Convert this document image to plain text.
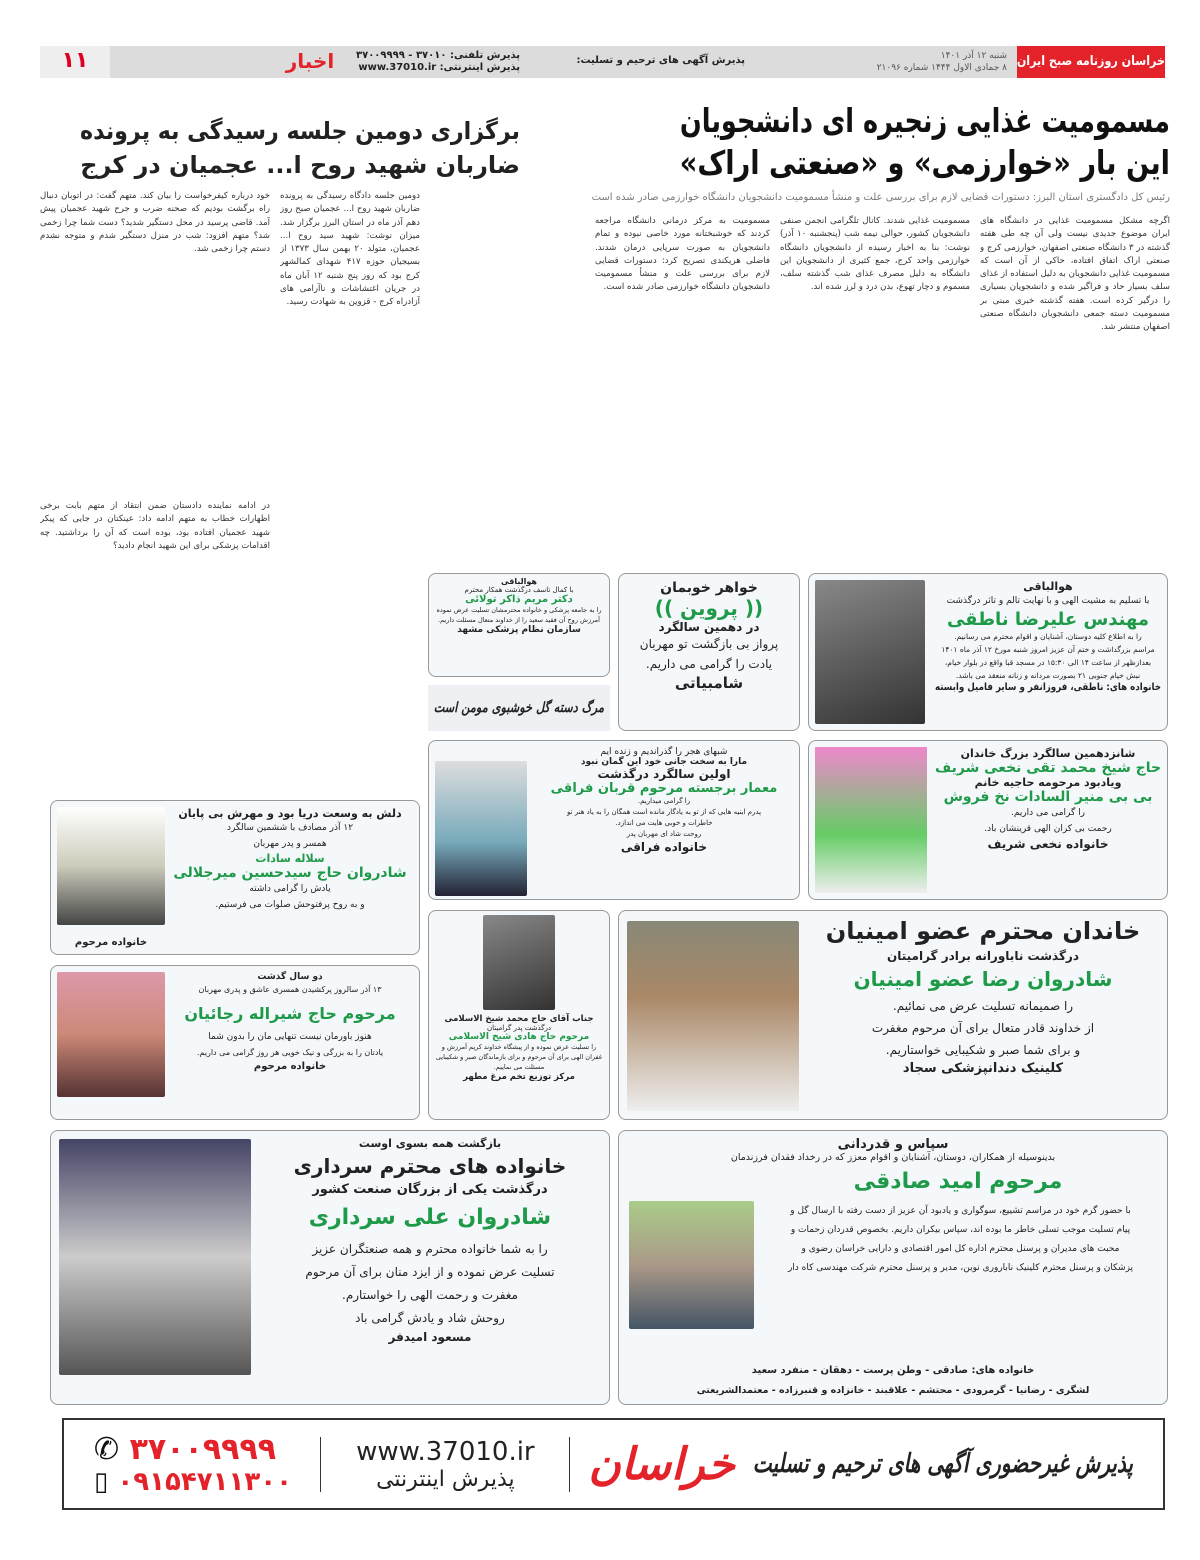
خراسان روزنامه صبح ایران
شنبه ۱۲ آذر ۱۴۰۱
۸ جمادی الاول ۱۴۴۴ شماره ۲۱۰۹۶
پذیرش آگهی های ترحیم و تسلیت:
پذیرش تلفنی: ۳۷۰۱۰ - ۳۷۰۰۹۹۹۹
پذیرش اینترنتی: www.37010.ir
اخبار
۱۱
مسمومیت غذایی زنجیره ای دانشجویان
این بار «خوارزمی» و «صنعتی اراک»
رئیس کل دادگستری استان البرز: دستورات قضایی لازم برای بررسی علت و منشأ مسمومیت دانشجویان دانشگاه خوارزمی صادر شده است
اگرچه مشکل مسمومیت غذایی در دانشگاه های ایران موضوع جدیدی نیست ولی آن چه طی هفته گذشته در ۳ دانشگاه صنعتی اصفهان، خوارزمی کرج و صنعتی اراک اتفاق افتاده، حاکی از آن است که مسمومیت غذایی دانشجویان به دلیل استفاده از غذای سلف بسیار حاد و فراگیر شده و دانشجویان بسیاری را درگیر کرده است. هفته گذشته خبری مبنی بر مسمومیت دسته جمعی دانشجویان دانشگاه صنعتی اصفهان منتشر شد.
مسمومیت غذایی شدند. کانال تلگرامی انجمن صنفی دانشجویان کشور، حوالی نیمه شب (پنجشنبه ۱۰ آذر) نوشت: بنا به اخبار رسیده از دانشجویان دانشگاه خوارزمی واحد کرج، جمع کثیری از دانشجویان این دانشگاه به دلیل مصرف غذای شب گذشته سلف، مسموم و دچار تهوع، بدن درد و لرز شده اند.
مسمومیت به مرکز درمانی دانشگاه مراجعه کردند که خوشبختانه مورد خاصی نبوده و تمام دانشجویان به صورت سرپایی درمان شدند. فاضلی هریکندی تصریح کرد: دستورات قضایی لازم برای بررسی علت و منشأ مسمومیت دانشجویان دانشگاه خوارزمی صادر شده است.
برگزاری دومین جلسه رسیدگی به پرونده
ضاربان شهید روح ا... عجمیان در کرج
دومین جلسه دادگاه رسیدگی به پرونده ضاربان شهید روح ا... عجمیان صبح روز دهم آذر ماه در استان البرز برگزار شد. میزان نوشت: شهید سید روح ا... عجمیان، متولد ۲۰ بهمن سال ۱۳۷۳ از بسیجیان حوزه ۴۱۷ شهدای کمالشهر کرج بود که روز پنج شنبه ۱۲ آبان ماه در جریان اغتشاشات و ناآرامی های آزادراه کرج - قزوین به شهادت رسید.
خود درباره کیفرخواست را بیان کند. متهم گفت: در اتوبان دنبال راه برگشت بودیم که صحنه ضرب و جرح شهید عجمیان پیش آمد. قاضی پرسید در محل دستگیر شدید؟ دست شما چرا زخمی شد؟ متهم افزود: شب در منزل دستگیر شدم و متوجه نشدم دستم چرا زخمی شد.
در ادامه نماینده دادستان ضمن انتقاد از متهم بابت برخی اظهارات خطاب به متهم ادامه داد: عینکتان در جایی که پیکر شهید عجمیان افتاده بود، بوده است که آن را برداشتید. چه اقدامات پزشکی برای این شهید انجام دادید؟
هوالباقی
با تسلیم به مشیت الهی و با نهایت تالم و تاثر درگذشت
مهندس علیرضا ناطقی
را به اطلاع کلیه دوستان، آشنایان و اقوام محترم می رسانیم.
مراسم بزرگداشت و ختم آن عزیز امروز شنبه مورخ ۱۲ آذر ماه ۱۴۰۱
بعدازظهر از ساعت ۱۴ الی ۱۵:۳۰ در مسجد قبا واقع در بلوار خیام،
نبش خیام جنوبی ۲۱ بصورت مردانه و زنانه منعقد می باشد.
خانواده های: ناطقی، فروزانفر و سایر فامیل وابسته
خواهر خوبمان
(( پروین ))
در دهمین سالگرد
پرواز بی بازگشت تو مهربان
یادت را گرامی می داریم.
شامبیاتی
هوالباقی
با کمال تاسف درگذشت همکار محترم
دکتر مریم ذاکر تولائی
را به جامعه پزشکی و خانواده محترمشان تسلیت عرض نموده آمرزش روح آن فقید سعید را از خداوند متعال مسئلت داریم.
سازمان نظام پزشکی مشهد
مرگ دسته گل خوشبوی مومن است
شانزدهمین سالگرد بزرگ خاندان
حاج شیخ محمد تقی نخعی شریف
ویادبود مرحومه حاجیه خانم
بی بی منیر السادات نخ فروش
را گرامی می داریم.
رحمت بی کران الهی قرینشان باد.
خانواده نخعی شریف
شبهای هجر را گذراندیم و زنده ایم
مارا به سخت جانی خود این گمان نبود
اولین سالگرد درگذشت
معمار برجسته مرحوم قربان فراقی
را گرامی میداریم.
پدرم ابنیه هایی که از تو به یادگار مانده است همگان را به یاد هنر تو
خاطرات و خوبی هایت می اندازد.
روحت شاد ای مهربان پدر
خانواده فراقی
دلش به وسعت دریا بود و مهرش بی پایان
۱۲ آذر مصادف با ششمین سالگرد
همسر و پدر مهربان
سلاله سادات
شادروان حاج سیدحسین میرجلالی
یادش را گرامی داشته
و به روح پرفتوحش صلوات می فرستیم.
خانواده مرحوم
دو سال گذشت
۱۳ آذر سالروز پرکشیدن همسری عاشق و پدری مهربان
مرحوم حاج شیراله رجائیان
هنوز باورمان نیست تنهایی مان را بدون شما
یادتان را به بزرگی و نیک خویی هر روز گرامی می داریم.
خانواده مرحوم
جناب آقای حاج محمد شیخ الاسلامی
درگذشت پدر گرامیتان
مرحوم حاج هادی شیخ الاسلامی
را تسلیت عرض نموده و از پیشگاه خداوند کریم آمرزش و غفران الهی برای آن مرحوم و برای بازماندگان صبر و شکیبایی مسئلت می نماییم.
مرکز توزیع تخم مرغ مطهر
خاندان محترم عضو امینیان
درگذشت ناباورانه برادر گرامیتان
شادروان رضا عضو امینیان
را صمیمانه تسلیت عرض می نمائیم.
از خداوند قادر متعال برای آن مرحوم مغفرت
و برای شما صبر و شکیبایی خواستاریم.
کلینیک دندانپزشکی سجاد
بازگشت همه بسوی اوست
خانواده های محترم سرداری
درگذشت یکی از بزرگان صنعت کشور
شادروان علی سرداری
را به شما خانواده محترم و همه صنعتگران عزیز
تسلیت عرض نموده و از ایزد منان برای آن مرحوم
مغفرت و رحمت الهی را خواستارم.
روحش شاد و یادش گرامی باد
مسعود امیدفر
سپاس و قدردانی
بدینوسیله از همکاران، دوستان، آشنایان و اقوام معزز که در رخداد فقدان فرزندمان
مرحوم امید صادقی
با حضور گرم خود در مراسم تشییع، سوگواری و یادبود آن عزیز از دست رفته با ارسال گل و
پیام تسلیت موجب تسلی خاطر ما بوده اند، سپاس بیکران داریم. بخصوص قدردان زحمات و
محبت های مدیران و پرسنل محترم اداره کل امور اقتصادی و دارایی خراسان رضوی و
پزشکان و پرسنل محترم کلینیک ناباروری نوین، مدیر و پرسنل محترم شرکت مهندسی کاه دار
خانواده های: صادقی - وطن پرست - دهقان - منفرد سعید
لشگری - رضانیا - گرمرودی - محتشم - علاقبند - خانزاده و قنبرزاده - معتمدالشریعتی
پذیرش غیرحضوری آگهی های ترحیم و تسلیت
خراسان
www.37010.ir
پذیرش اینترنتی
✆ ۳۷۰۰۹۹۹۹
▯ ۰۹۱۵۴۷۱۱۳۰۰
